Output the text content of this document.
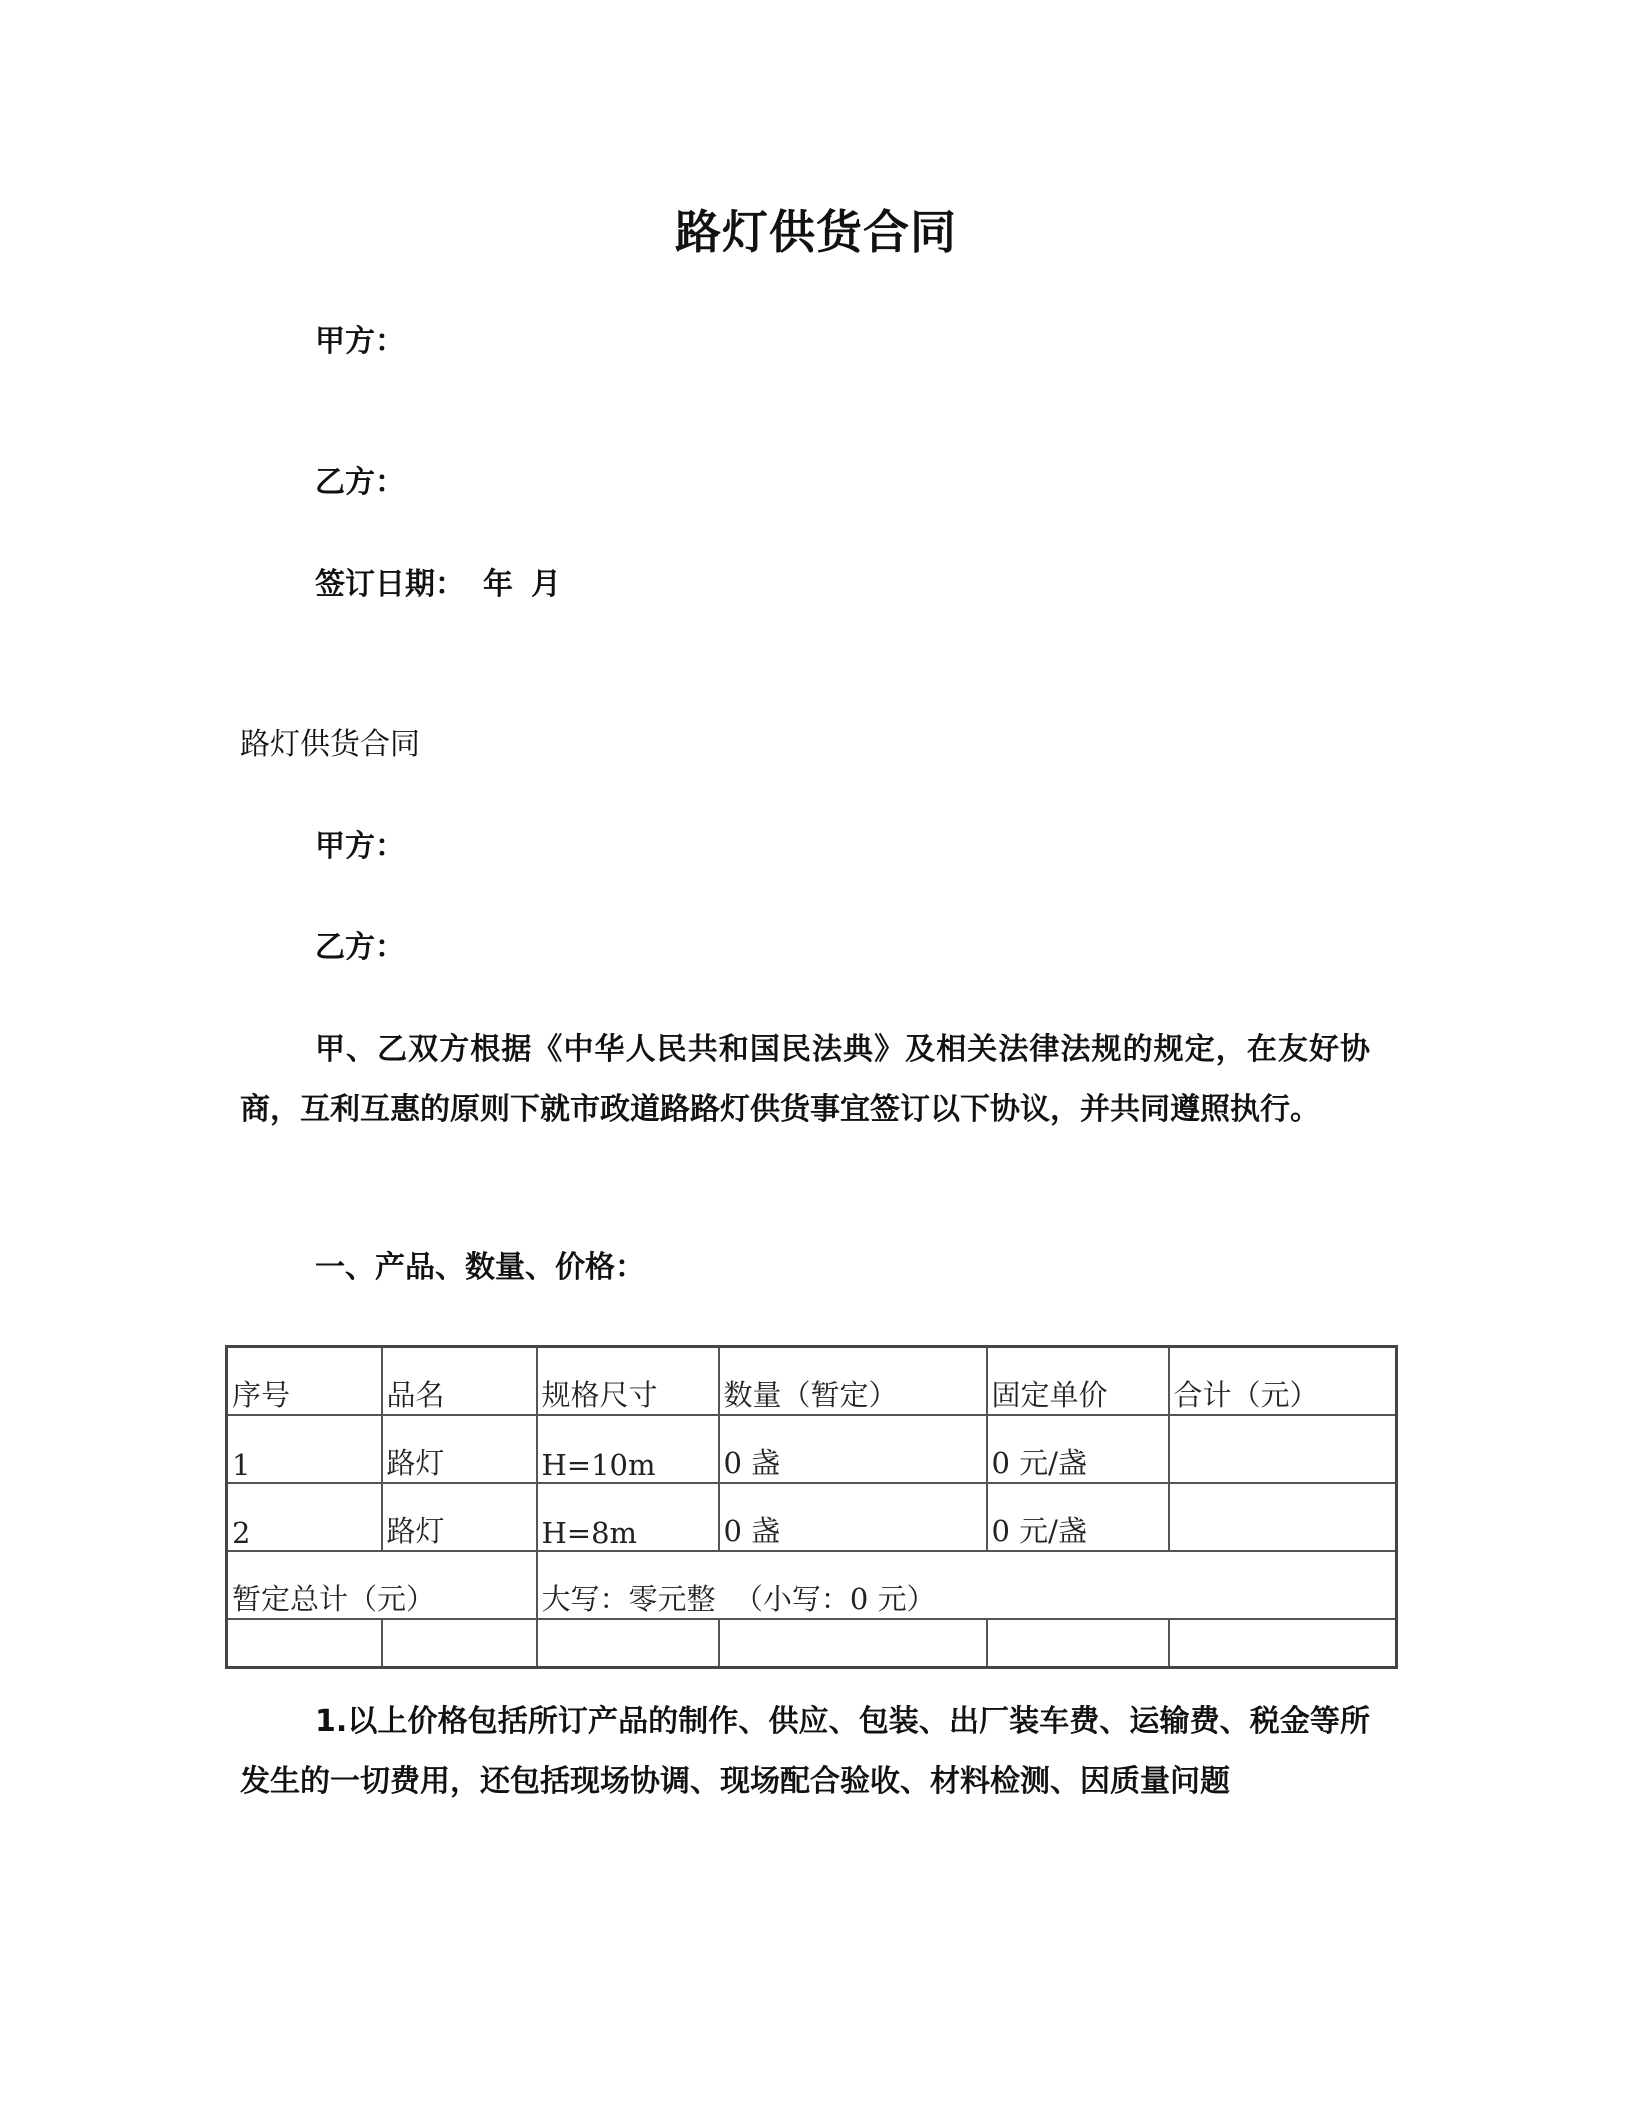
路灯供货合同
甲方：
乙方：
签订日期： 年 月
路灯供货合同
甲方：
乙方：
甲、乙双方根据《中华人民共和国民法典》及相关法律法规的规定，在友好协商，互利互惠的原则下就市政道路路灯供货事宜签订以下协议，并共同遵照执行。
一、产品、数量、价格：
序号	品名	规格尺寸	数量（暂定）	固定单价	合计（元）
1	路灯	H=10m	0 盏	0 元/盏	
2	路灯	H=8m	0 盏	0 元/盏	
暂定总计（元）		大写：零元整  （小写：0 元）			

1.以上价格包括所订产品的制作、供应、包装、出厂装车费、运输费、税金等所发生的一切费用，还包括现场协调、现场配合验收、材料检测、因质量问题
